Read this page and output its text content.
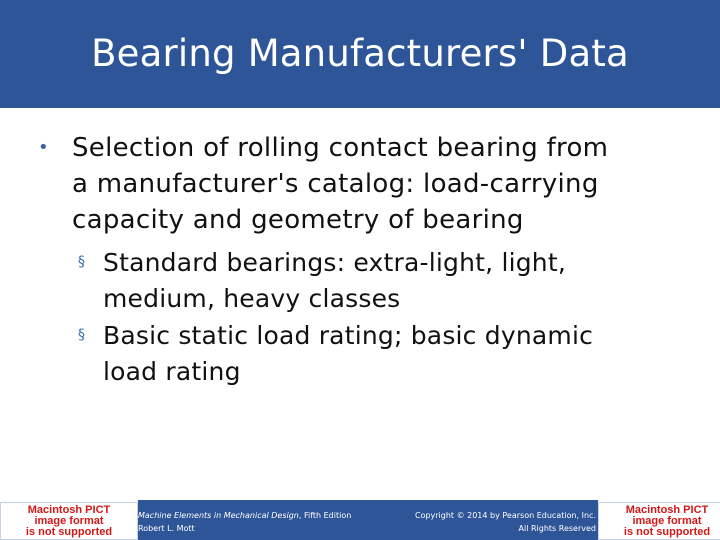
Bearing Manufacturers' Data
• Selection of rolling contact bearing from
a manufacturer's catalog: load-carrying
capacity and geometry of bearing
§ Standard bearings: extra-light, light,
medium, heavy classes
§ Basic static load rating; basic dynamic
load rating
Macintosh PICT
image format
is not supported
Machine Elements in Mechanical Design, Fifth Edition
Robert L. Mott
Copyright © 2014 by Pearson Education, Inc.
All Rights Reserved
Macintosh PICT
image format
is not supported
